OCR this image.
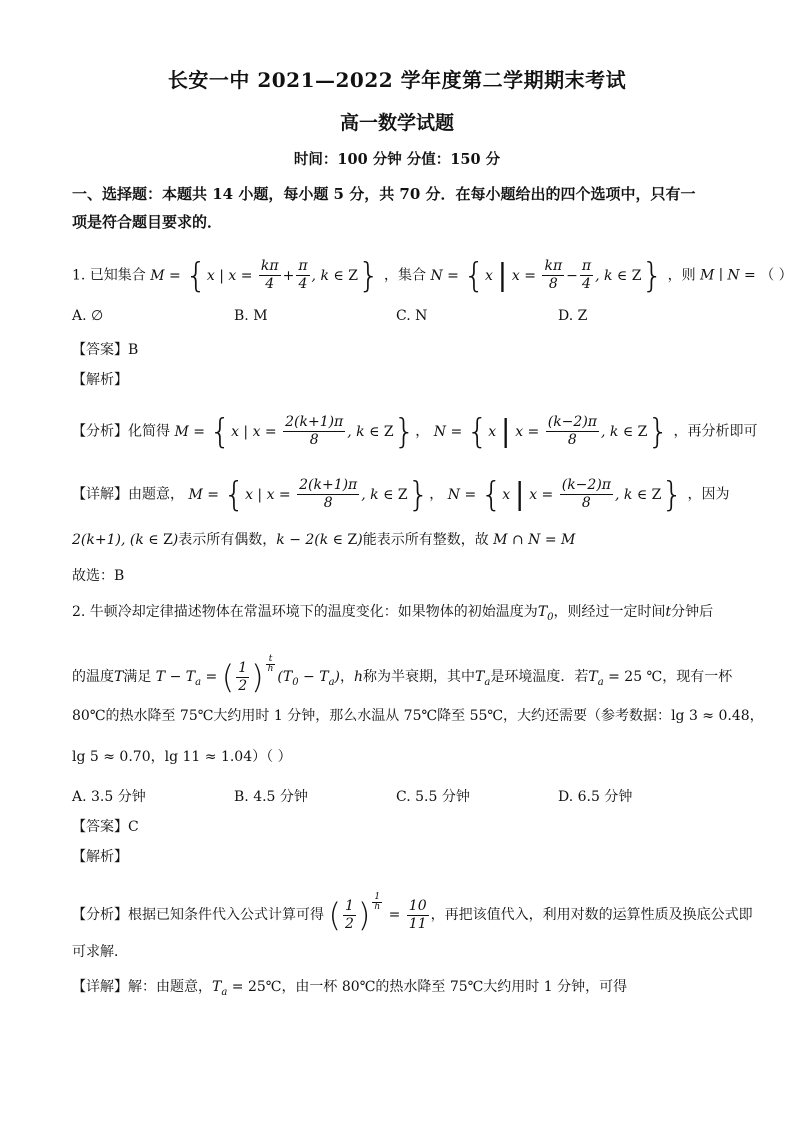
长安一中 2021—2022 学年度第二学期期末考试
高一数学试题
时间：100 分钟 分值：150 分
一、选择题：本题共 14 小题，每小题 5 分，共 70 分．在每小题给出的四个选项中，只有一
项是符合题目要求的．
1. 已知集合 M = {x | $x = \frac{k\pi}{4} + \frac{\pi}{4}$ , k ∈ Z} ，集合 N = {x | $x = \frac{k\pi}{8} - \frac{\pi}{4}$ , k ∈ Z} ，则 M ∣ N = （ ）
A. ∅	B. M	C. N	D. Z
【答案】B
【解析】
【分析】化简得 M = {x | $x = \frac{2(k+1)\pi}{8}$ , k ∈ Z}， N = {x | $x = \frac{(k-2)\pi}{8}$ , k ∈ Z} ，再分析即可
【详解】由题意， M = {x | $x = \frac{2(k+1)\pi}{8}$ , k ∈ Z}， N = {x | $x = \frac{(k-2)\pi}{8}$ , k ∈ Z} ，因为
2(k+1), (k ∈ Z)表示所有偶数，k − 2(k ∈ Z)能表示所有整数，故 M ∩ N = M
故选：B
2. 牛顿冷却定律描述物体在常温环境下的温度变化：如果物体的初始温度为$T_0$，则经过一定时间t分钟后
的温度T满足 $T - T_a$ = ( $\frac{1}{2}$ ) $^{\frac{t}{h}}$
$(T_0 - T_a)$，h称为半衰期，其中$T_a$是环境温度．若$T_a = 25$ ℃，现有一杯
80℃的热水降至 75℃大约用时 1 分钟，那么水温从 75℃降至 55℃，大约还需要（参考数据：lg 3 ≈ 0.48，
lg 5 ≈ 0.70，lg 11 ≈ 1.04）（ ）
A. 3.5 分钟	B. 4.5 分钟	C. 5.5 分钟	D. 6.5 分钟
【答案】C
【解析】
【分析】根据已知条件代入公式计算可得 ( $\frac{1}{2}$ ) $^{\frac{1}{h}}$
= $\frac{10}{11}$ ，再把该值代入，利用对数的运算性质及换底公式即
可求解．
【详解】解：由题意，$T_a$ = 25℃，由一杯 80℃的热水降至 75℃大约用时 1 分钟，可得
